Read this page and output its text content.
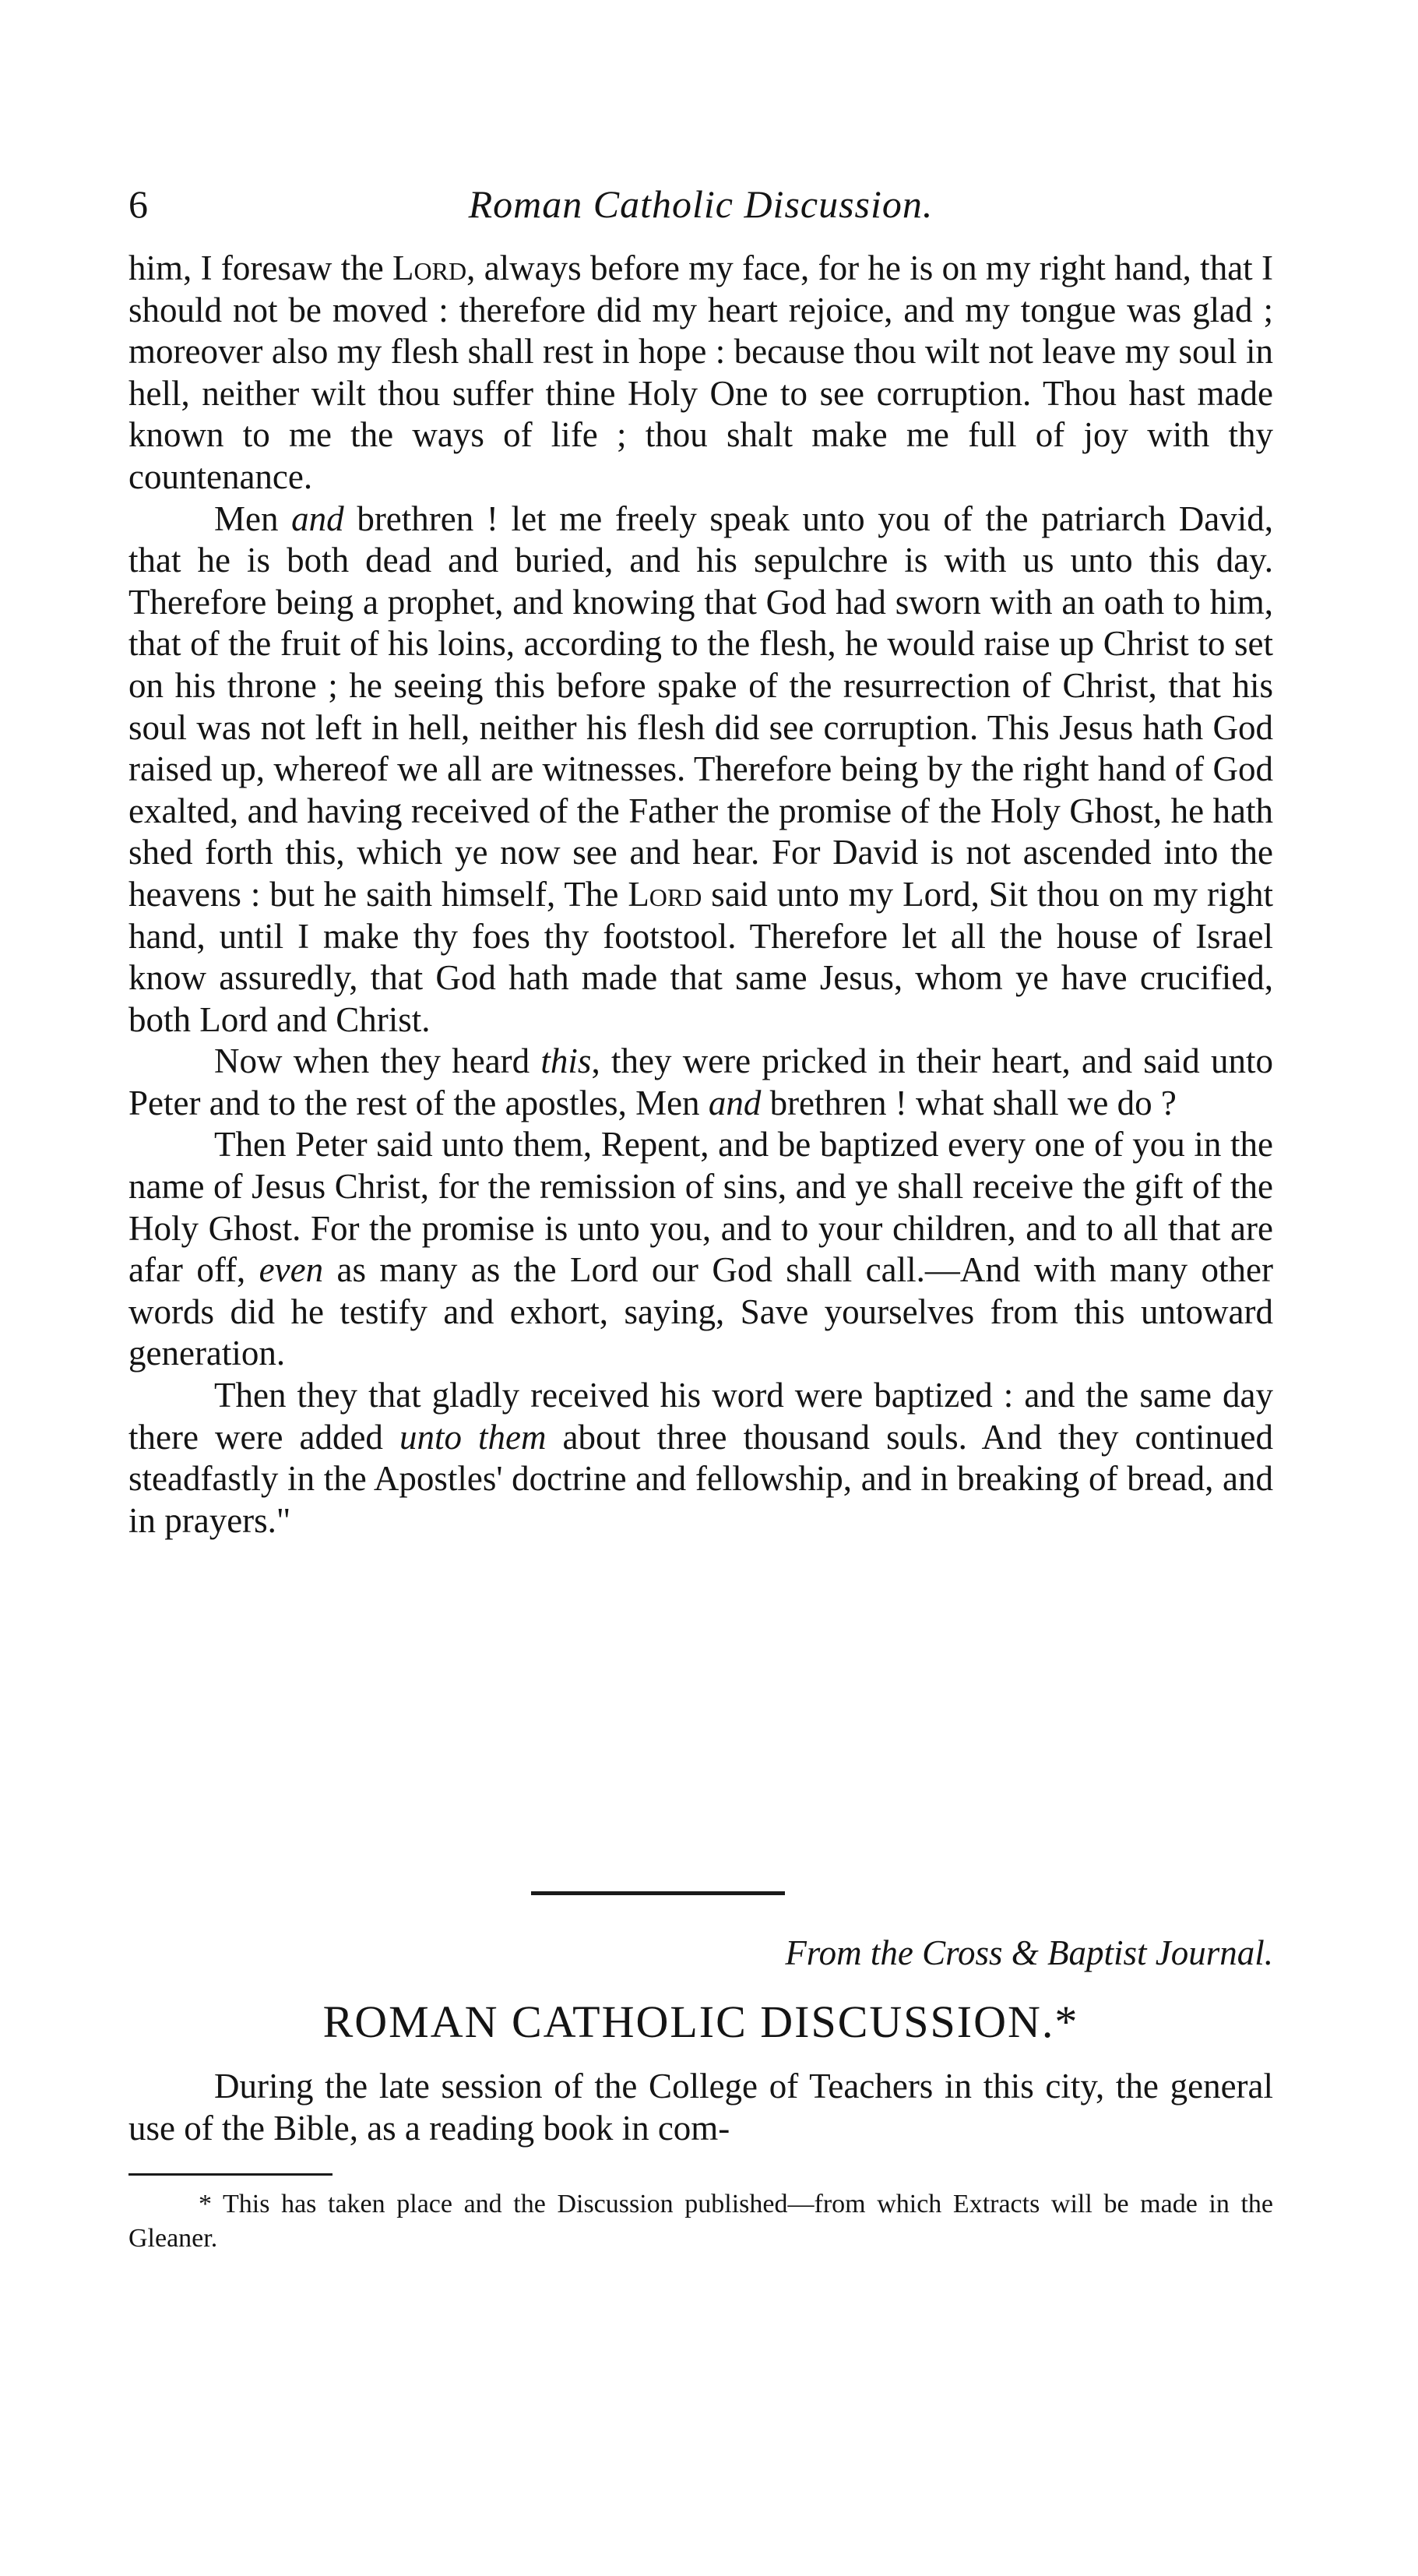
6	Roman Catholic Discussion.

him, I foresaw the Lord, always before my face, for he is on my right hand, that I should not be moved : therefore did my heart rejoice, and my tongue was glad ; moreover also my flesh shall rest in hope : because thou wilt not leave my soul in hell, neither wilt thou suffer thine Holy One to see corruption. Thou hast made known to me the ways of life ; thou shalt make me full of joy with thy countenance.

Men and brethren ! let me freely speak unto you of the patriarch David, that he is both dead and buried, and his sepulchre is with us unto this day. Therefore being a prophet, and knowing that God had sworn with an oath to him, that of the fruit of his loins, according to the flesh, he would raise up Christ to set on his throne ; he seeing this before spake of the resurrection of Christ, that his soul was not left in hell, neither his flesh did see corruption. This Jesus hath God raised up, whereof we all are witnesses. Therefore being by the right hand of God exalted, and having received of the Father the promise of the Holy Ghost, he hath shed forth this, which ye now see and hear. For David is not ascended into the heavens : but he saith himself, The Lord said unto my Lord, Sit thou on my right hand, until I make thy foes thy footstool. Therefore let all the house of Israel know assuredly, that God hath made that same Jesus, whom ye have crucified, both Lord and Christ.

Now when they heard this, they were pricked in their heart, and said unto Peter and to the rest of the apostles, Men and brethren ! what shall we do ?

Then Peter said unto them, Repent, and be baptized every one of you in the name of Jesus Christ, for the remission of sins, and ye shall receive the gift of the Holy Ghost. For the promise is unto you, and to your children, and to all that are afar off, even as many as the Lord our God shall call.—And with many other words did he testify and exhort, saying, Save yourselves from this untoward generation.

Then they that gladly received his word were baptized : and the same day there were added unto them about three thousand souls. And they continued steadfastly in the Apostles' doctrine and fellowship, and in breaking of bread, and in prayers."

From the Cross & Baptist Journal.
ROMAN CATHOLIC DISCUSSION.*

During the late session of the College of Teachers in this city, the general use of the Bible, as a reading book in com-

* This has taken place and the Discussion published—from which Extracts will be made in the Gleaner.
